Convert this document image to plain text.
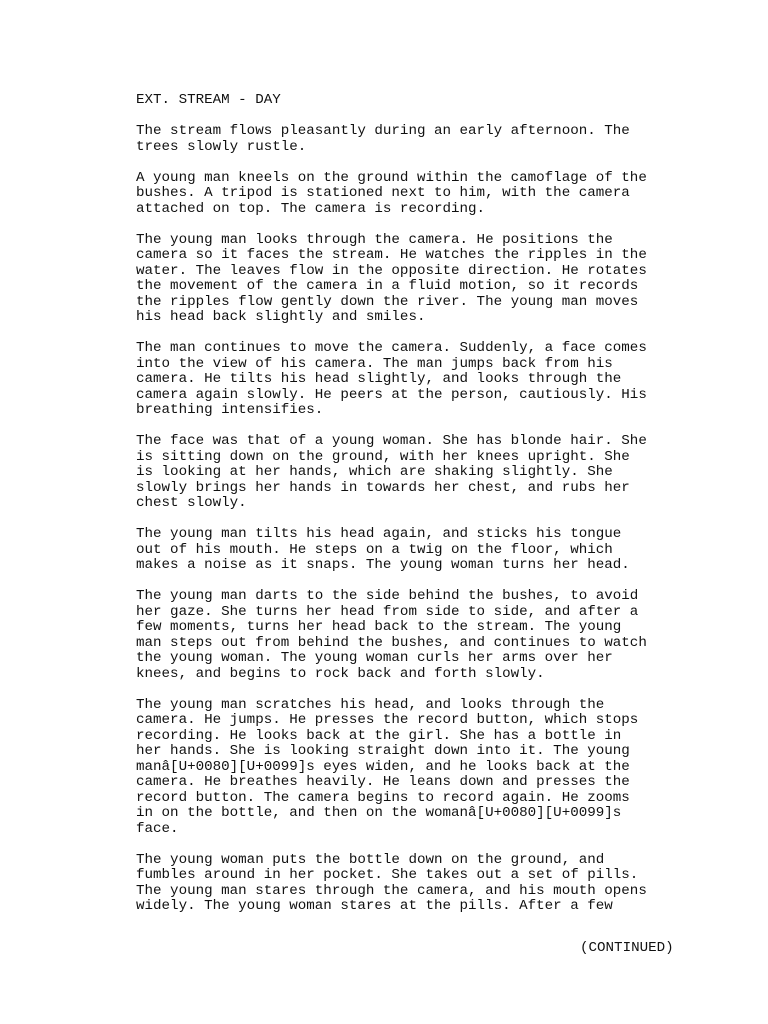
EXT. STREAM - DAY

The stream flows pleasantly during an early afternoon. The
trees slowly rustle.

A young man kneels on the ground within the camoflage of the
bushes. A tripod is stationed next to him, with the camera
attached on top. The camera is recording.

The young man looks through the camera. He positions the
camera so it faces the stream. He watches the ripples in the
water. The leaves flow in the opposite direction. He rotates
the movement of the camera in a fluid motion, so it records
the ripples flow gently down the river. The young man moves
his head back slightly and smiles.

The man continues to move the camera. Suddenly, a face comes
into the view of his camera. The man jumps back from his
camera. He tilts his head slightly, and looks through the
camera again slowly. He peers at the person, cautiously. His
breathing intensifies.

The face was that of a young woman. She has blonde hair. She
is sitting down on the ground, with her knees upright. She
is looking at her hands, which are shaking slightly. She
slowly brings her hands in towards her chest, and rubs her
chest slowly.

The young man tilts his head again, and sticks his tongue
out of his mouth. He steps on a twig on the floor, which
makes a noise as it snaps. The young woman turns her head.

The young man darts to the side behind the bushes, to avoid
her gaze. She turns her head from side to side, and after a
few moments, turns her head back to the stream. The young
man steps out from behind the bushes, and continues to watch
the young woman. The young woman curls her arms over her
knees, and begins to rock back and forth slowly.

The young man scratches his head, and looks through the
camera. He jumps. He presses the record button, which stops
recording. He looks back at the girl. She has a bottle in
her hands. She is looking straight down into it. The young
manâ[U+0080][U+0099]s eyes widen, and he looks back at the
camera. He breathes heavily. He leans down and presses the
record button. The camera begins to record again. He zooms
in on the bottle, and then on the womanâ[U+0080][U+0099]s
face.

The young woman puts the bottle down on the ground, and
fumbles around in her pocket. She takes out a set of pills.
The young man stares through the camera, and his mouth opens
widely. The young woman stares at the pills. After a few

(CONTINUED)
